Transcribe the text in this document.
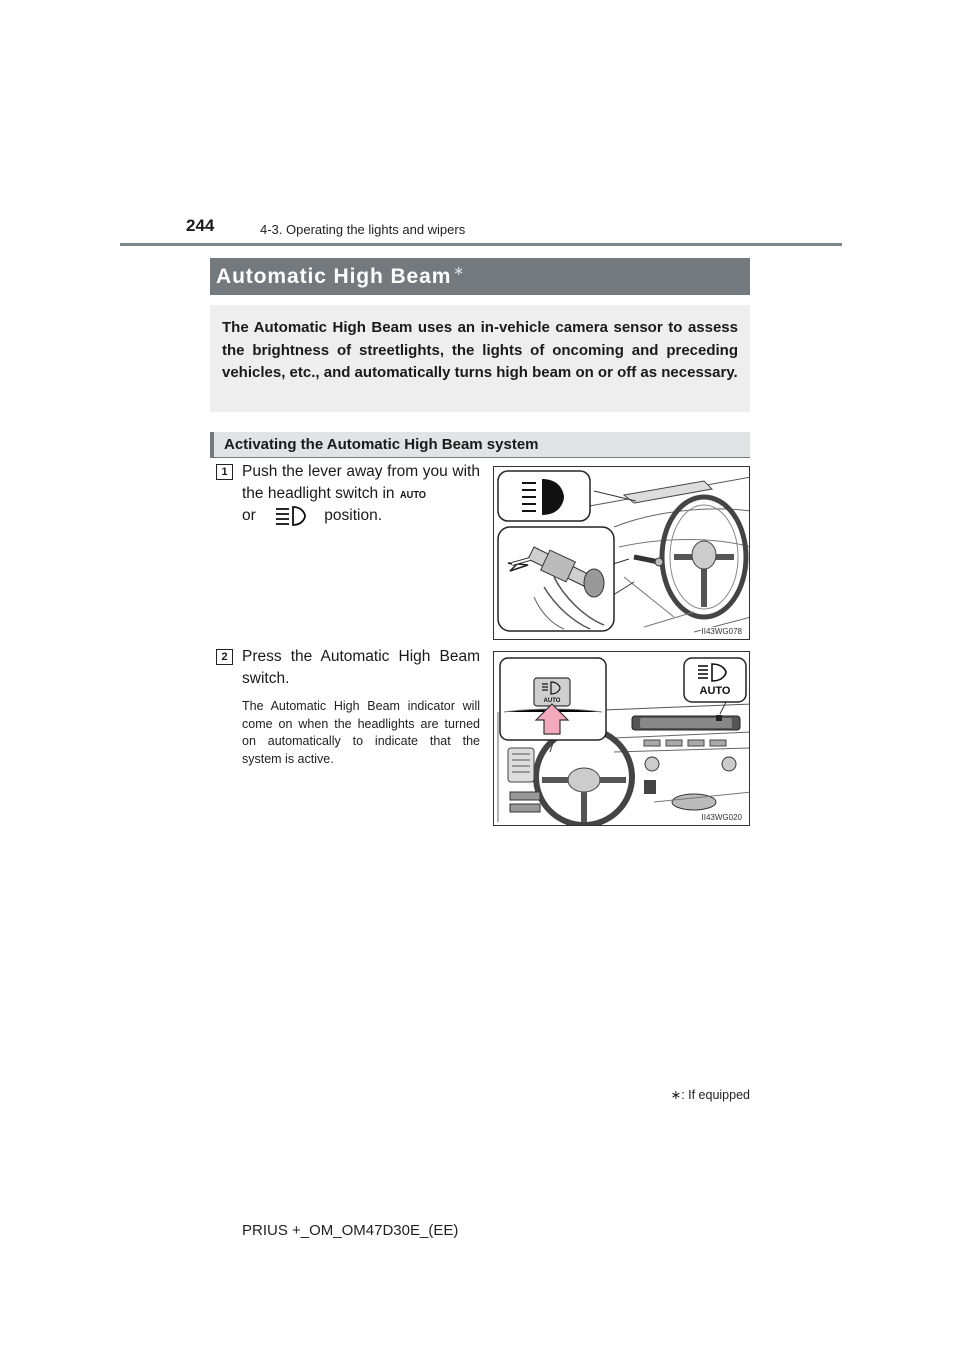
244	4-3. Operating the lights and wipers
Automatic High Beam ∗

The Automatic High Beam uses an in-vehicle camera sensor to assess the brightness of streetlights, the lights of oncoming and preceding vehicles, etc., and automatically turns high beam on or off as necessary.

Activating the Automatic High Beam system
1 Push the lever away from you with the headlight switch in AUTO

or	position.
II43WG078
2 Press the Automatic High Beam switch.
The Automatic High Beam indicator will come on when the headlights are turned on automatically to indicate that the system is active.
AUTO
AUTO
II43WG020
∗: If equipped
PRIUS +_OM_OM47D30E_(EE)
